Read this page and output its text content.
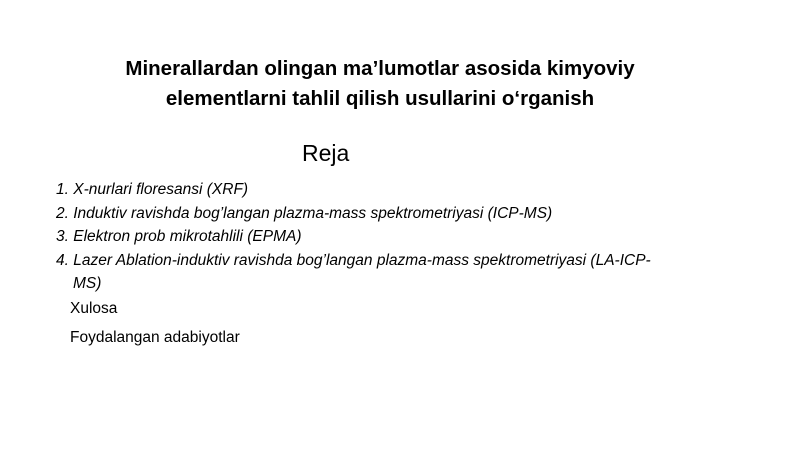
Minerallardan olingan ma’lumotlar asosida kimyoviy
elementlarni tahlil qilish usullarini o‘rganish

Reja

1. X-nurlari floresansi (XRF)
2. Induktiv ravishda bog’langan plazma-mass spektrometriyasi (ICP-MS)
3. Elektron prob mikrotahlili (EPMA)
4. Lazer Ablation-induktiv ravishda bog’langan plazma-mass spektrometriyasi (LA-ICP-MS)

Xulosa

Foydalangan adabiyotlar
